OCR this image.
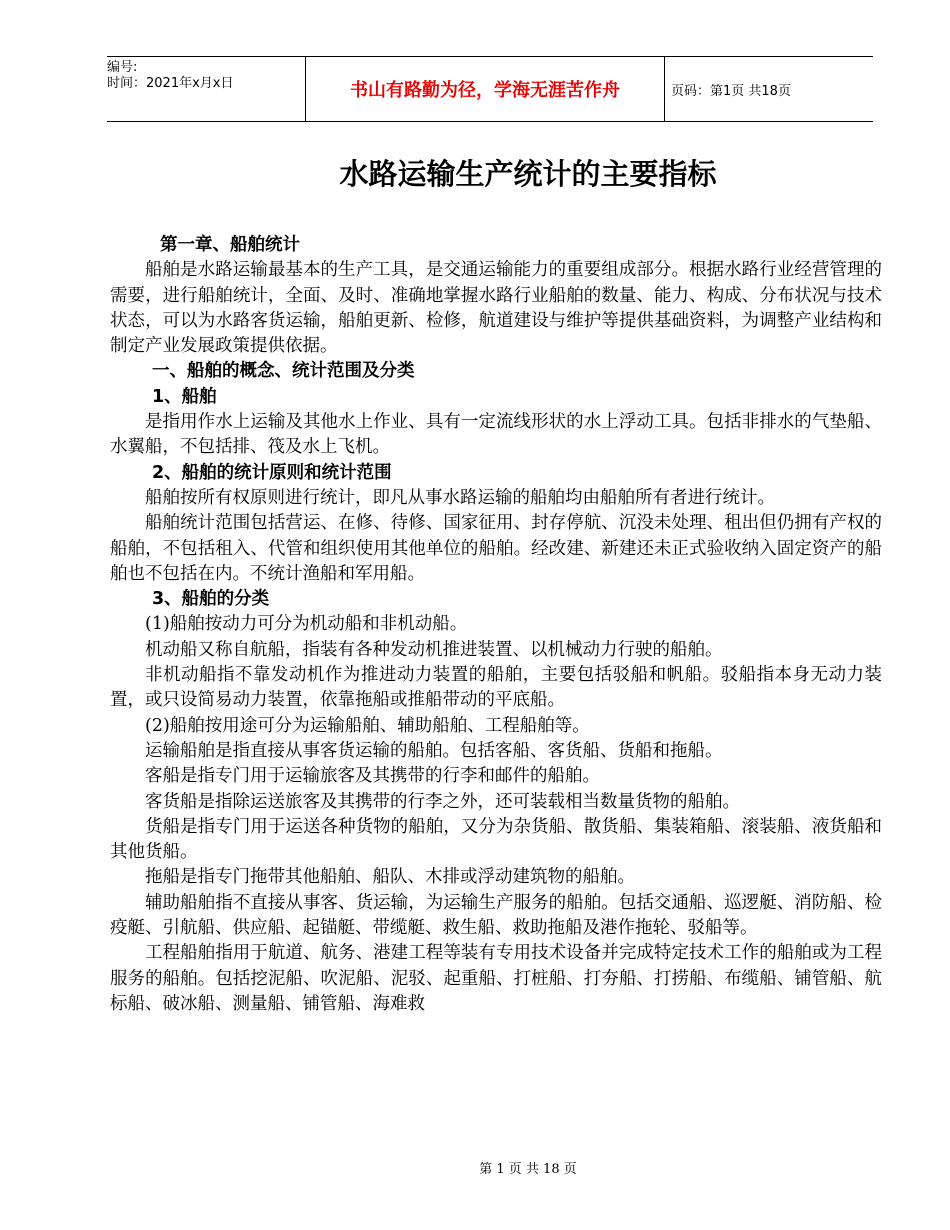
编号:
时间：2021年x月x日	书山有路勤为径，学海无涯苦作舟	页码：第1页 共18页
水路运输生产统计的主要指标

第一章、船舶统计

船舶是水路运输最基本的生产工具，是交通运输能力的重要组成部分。根据水路行业经营管理的需要，进行船舶统计，全面、及时、准确地掌握水路行业船舶的数量、能力、构成、分布状况与技术状态，可以为水路客货运输，船舶更新、检修，航道建设与维护等提供基础资料，为调整产业结构和制定产业发展政策提供依据。

一、船舶的概念、统计范围及分类

1、船舶

是指用作水上运输及其他水上作业、具有一定流线形状的水上浮动工具。包括非排水的气垫船、水翼船，不包括排、筏及水上飞机。

2、船舶的统计原则和统计范围

船舶按所有权原则进行统计，即凡从事水路运输的船舶均由船舶所有者进行统计。

船舶统计范围包括营运、在修、待修、国家征用、封存停航、沉没未处理、租出但仍拥有产权的船舶，不包括租入、代管和组织使用其他单位的船舶。经改建、新建还未正式验收纳入固定资产的船舶也不包括在内。不统计渔船和军用船。

3、船舶的分类

(1)船舶按动力可分为机动船和非机动船。

机动船又称自航船，指装有各种发动机推进装置、以机械动力行驶的船舶。

非机动船指不靠发动机作为推进动力装置的船舶，主要包括驳船和帆船。驳船指本身无动力装置，或只设简易动力装置，依靠拖船或推船带动的平底船。

(2)船舶按用途可分为运输船舶、辅助船舶、工程船舶等。

运输船舶是指直接从事客货运输的船舶。包括客船、客货船、货船和拖船。

客船是指专门用于运输旅客及其携带的行李和邮件的船舶。

客货船是指除运送旅客及其携带的行李之外，还可装载相当数量货物的船舶。

货船是指专门用于运送各种货物的船舶，又分为杂货船、散货船、集装箱船、滚装船、液货船和其他货船。

拖船是指专门拖带其他船舶、船队、木排或浮动建筑物的船舶。

辅助船舶指不直接从事客、货运输，为运输生产服务的船舶。包括交通船、巡逻艇、消防船、检疫艇、引航船、供应船、起锚艇、带缆艇、救生船、救助拖船及港作拖轮、驳船等。

工程船舶指用于航道、航务、港建工程等装有专用技术设备并完成特定技术工作的船舶或为工程服务的船舶。包括挖泥船、吹泥船、泥驳、起重船、打桩船、打夯船、打捞船、布缆船、铺管船、航标船、破冰船、测量船、铺管船、海难救

第 1 页 共 18 页
